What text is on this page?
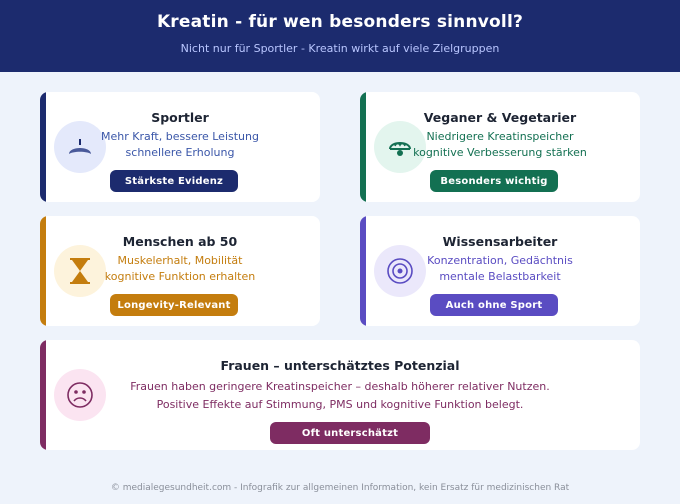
Kreatin - für wen besonders sinnvoll?
Nicht nur für Sportler - Kreatin wirkt auf viele Zielgruppen
Sportler
Mehr Kraft, bessere Leistung
schnellere Erholung
Stärkste Evidenz
Veganer & Vegetarier
Niedrigere Kreatinspeicher
kognitive Verbesserung stärken
Besonders wichtig
Menschen ab 50
Muskelerhalt, Mobilität
kognitive Funktion erhalten
Longevity-Relevant
Wissensarbeiter
Konzentration, Gedächtnis
mentale Belastbarkeit
Auch ohne Sport
Frauen – unterschätztes Potenzial
Frauen haben geringere Kreatinspeicher – deshalb höherer relativer Nutzen.
Positive Effekte auf Stimmung, PMS und kognitive Funktion belegt.
Oft unterschätzt
© medialegesundheit.com - Infografik zur allgemeinen Information, kein Ersatz für medizinischen Rat
